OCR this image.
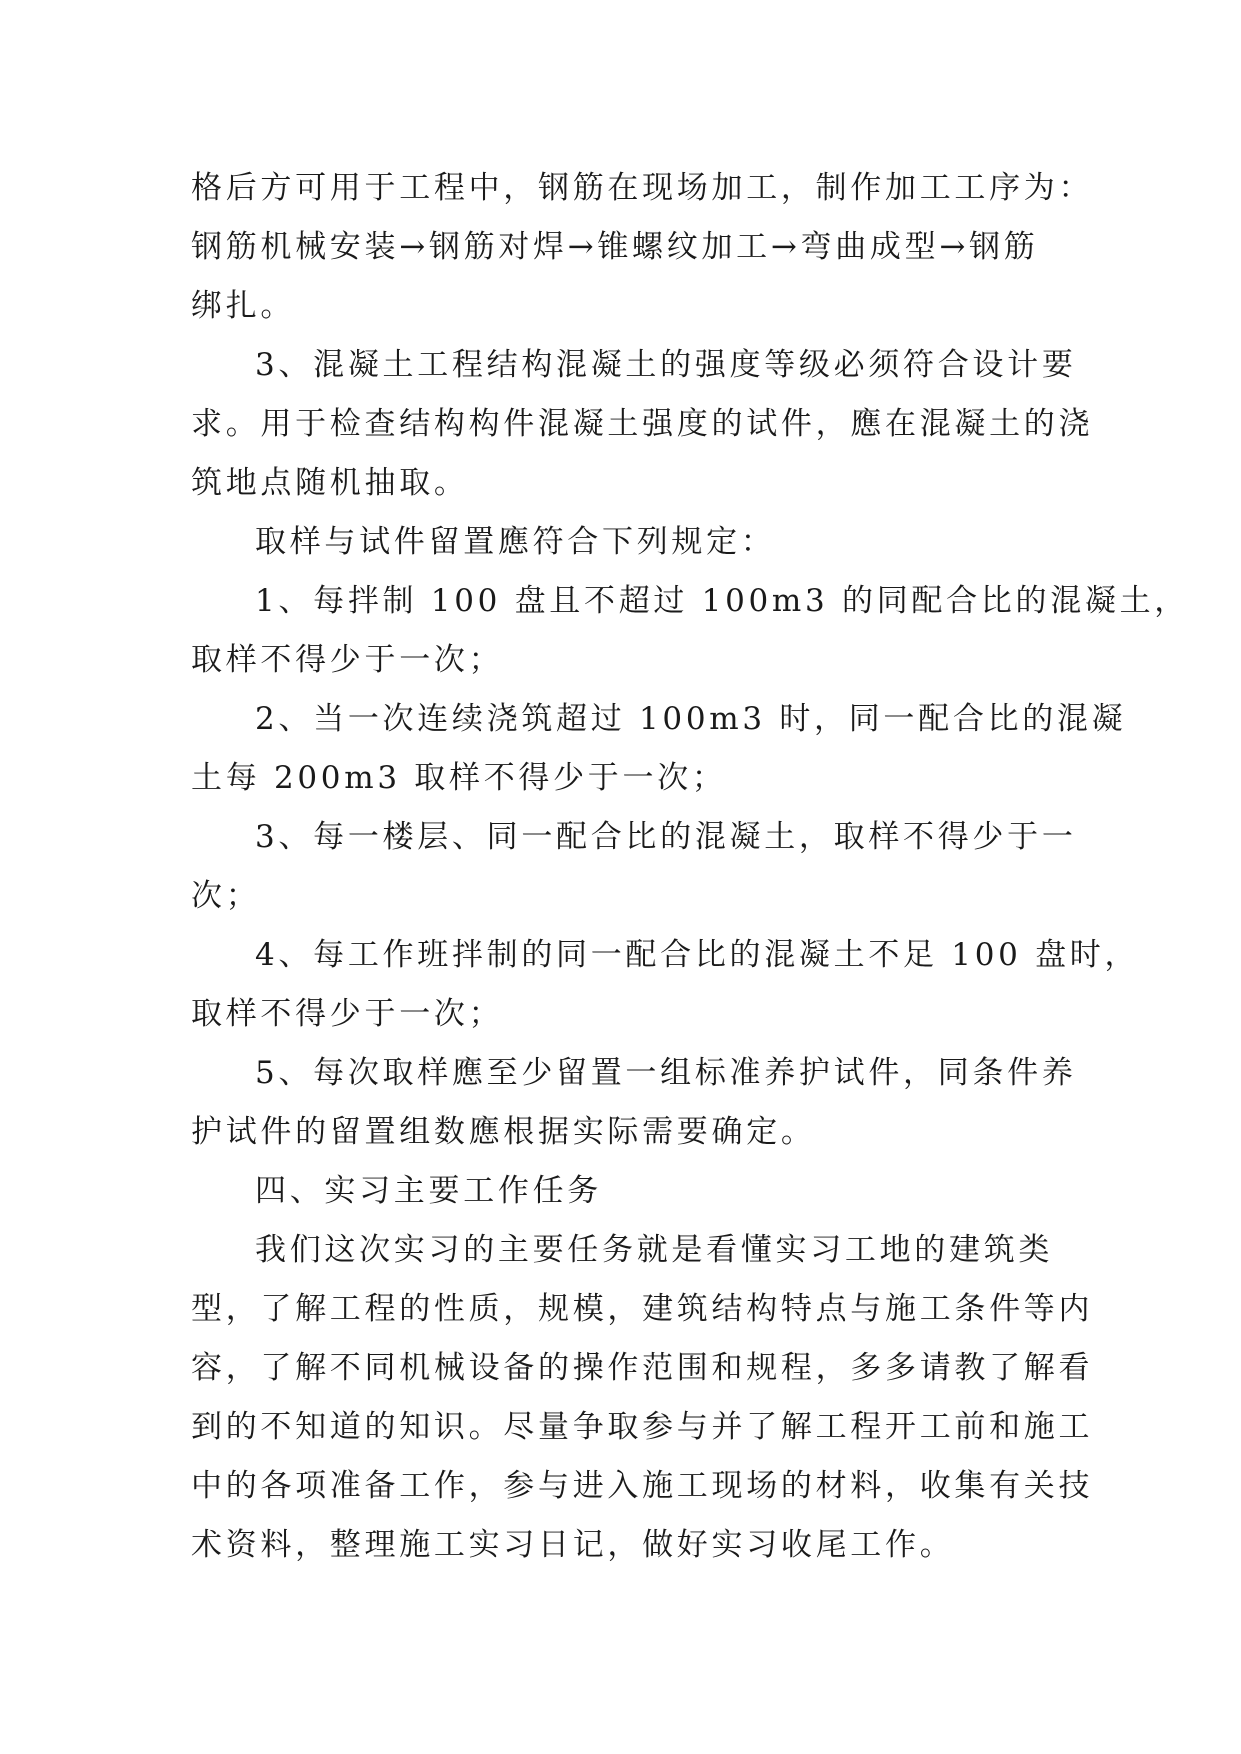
格后方可用于工程中，钢筋在现场加工，制作加工工序为：
钢筋机械安装→钢筋对焊→锥螺纹加工→弯曲成型→钢筋
绑扎。
3、混凝土工程结构混凝土的强度等级必须符合设计要
求。用于检查结构构件混凝土强度的试件，應在混凝土的浇
筑地点随机抽取。
取样与试件留置應符合下列规定：
1、每拌制 100 盘且不超过 100m3 的同配合比的混凝土，
取样不得少于一次；
2、当一次连续浇筑超过 100m3 时，同一配合比的混凝
土每 200m3 取样不得少于一次；
3、每一楼层、同一配合比的混凝土，取样不得少于一
次；
4、每工作班拌制的同一配合比的混凝土不足 100 盘时，
取样不得少于一次；
5、每次取样應至少留置一组标准养护试件，同条件养
护试件的留置组数應根据实际需要确定。
四、实习主要工作任务
我们这次实习的主要任务就是看懂实习工地的建筑类
型，了解工程的性质，规模，建筑结构特点与施工条件等内
容，了解不同机械设备的操作范围和规程，多多请教了解看
到的不知道的知识。尽量争取参与并了解工程开工前和施工
中的各项准备工作，参与进入施工现场的材料，收集有关技
术资料，整理施工实习日记，做好实习收尾工作。
